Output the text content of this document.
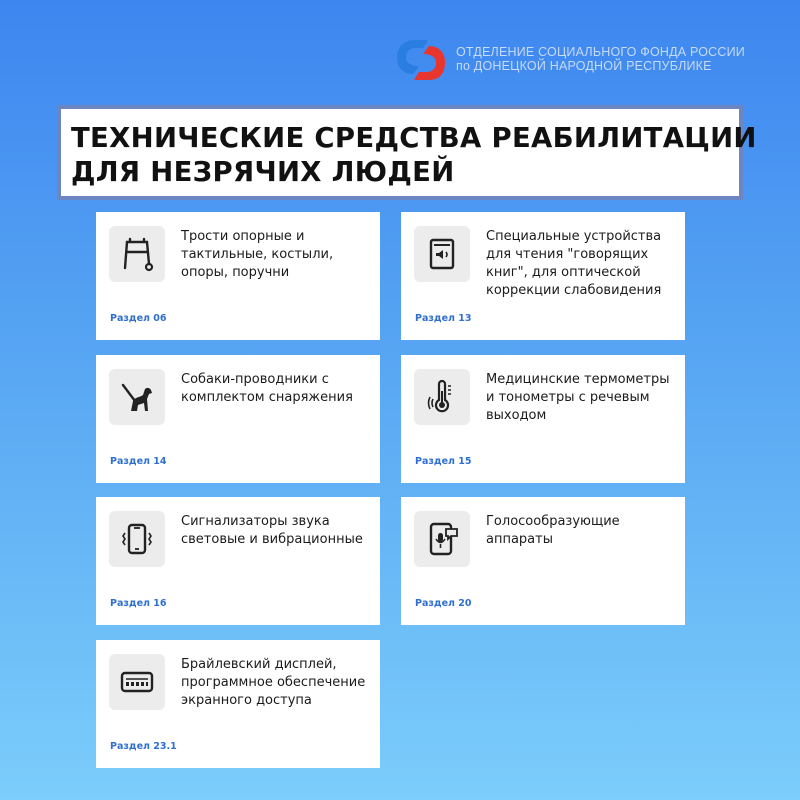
ОТДЕЛЕНИЕ СОЦИАЛЬНОГО ФОНДА РОССИИ
по ДОНЕЦКОЙ НАРОДНОЙ РЕСПУБЛИКЕ
ТЕХНИЧЕСКИЕ СРЕДСТВА РЕАБИЛИТАЦИИ
ДЛЯ НЕЗРЯЧИХ ЛЮДЕЙ
Трости опорные и
тактильные, костыли,
опоры, поручни
Раздел 06
Специальные устройства
для чтения "говорящих
книг", для оптической
коррекции слабовидения
Раздел 13
Собаки-проводники с
комплектом снаряжения
Раздел 14
Медицинские термометры
и тонометры с речевым
выходом
Раздел 15
Сигнализаторы звука
световые и вибрационные
Раздел 16
Голосообразующие
аппараты
Раздел 20
Брайлевский дисплей,
программное обеспечение
экранного доступа
Раздел 23.1
